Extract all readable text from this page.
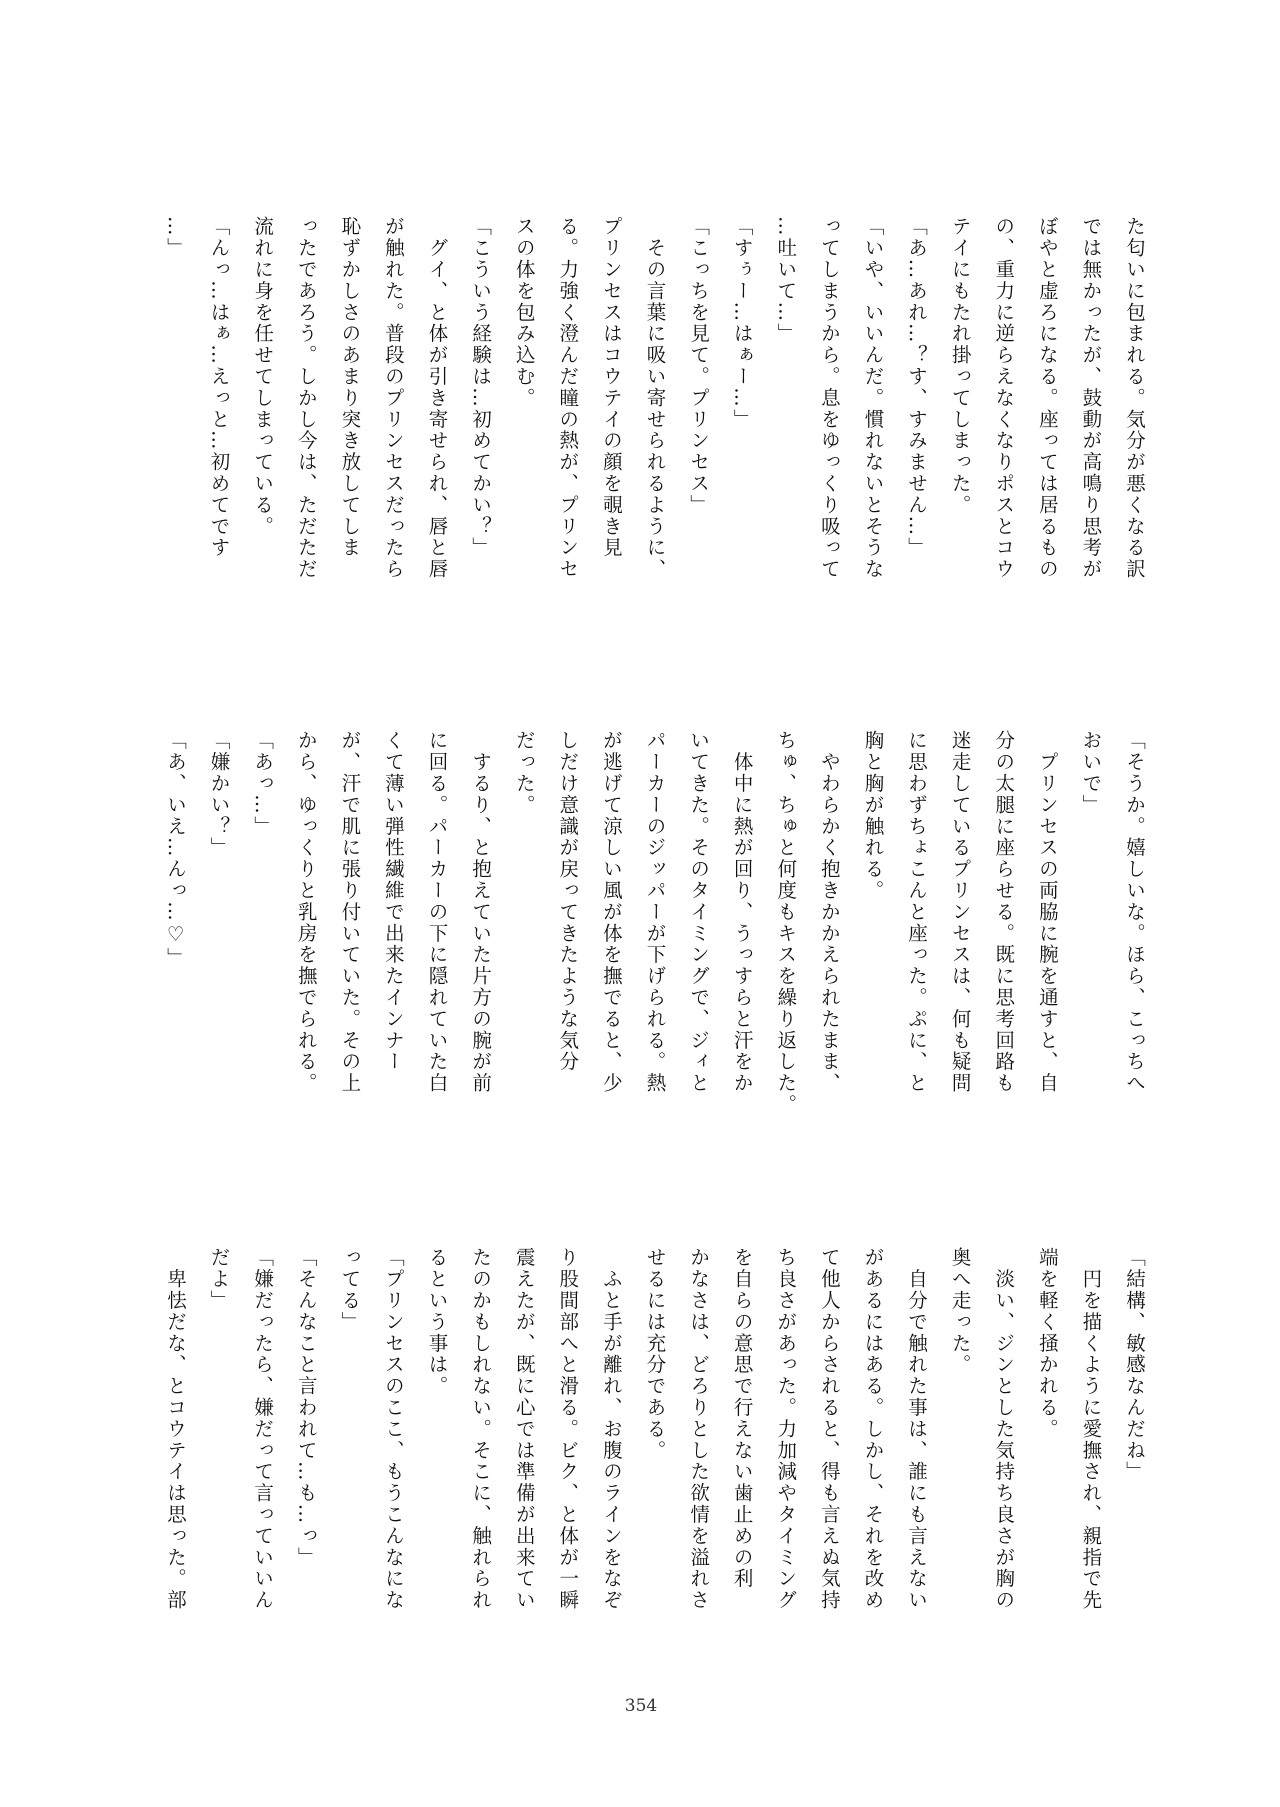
た匂いに包まれる。気分が悪くなる訳

では無かったが、鼓動が高鳴り思考が

ぼやと虚ろになる。座っては居るもの

の、重力に逆らえなくなりポスとコウ

テイにもたれ掛ってしまった。

「あ…あれ…？す、すみません…」

「いや、いいんだ。慣れないとそうな

ってしまうから。息をゆっくり吸って

…吐いて…」

「すぅー…はぁー…」

「こっちを見て。プリンセス」

　その言葉に吸い寄せられるように、

プリンセスはコウテイの顔を覗き見

る。力強く澄んだ瞳の熱が、プリンセ

スの体を包み込む。

「こういう経験は…初めてかい？」

　グイ、と体が引き寄せられ、唇と唇

が触れた。普段のプリンセスだったら

恥ずかしさのあまり突き放してしま

ったであろう。しかし今は、ただただ

流れに身を任せてしまっている。

「んっ…はぁ…えっと…初めてです

…」

「そうか。嬉しいな。ほら、こっちへ

おいで」

　プリンセスの両脇に腕を通すと、自

分の太腿に座らせる。既に思考回路も

迷走しているプリンセスは、何も疑問

に思わずちょこんと座った。ぷに、と

胸と胸が触れる。

　やわらかく抱きかかえられたまま、

ちゅ、ちゅと何度もキスを繰り返した。

　体中に熱が回り、うっすらと汗をか

いてきた。そのタイミングで、ジィと

パーカーのジッパーが下げられる。熱

が逃げて涼しい風が体を撫でると、少

しだけ意識が戻ってきたような気分

だった。

　するり、と抱えていた片方の腕が前

に回る。パーカーの下に隠れていた白

くて薄い弾性繊維で出来たインナー

が、汗で肌に張り付いていた。その上

から、ゆっくりと乳房を撫でられる。

「あっ…」

「嫌かい？」

「あ、いえ…んっ…♡」

「結構、敏感なんだね」

　円を描くように愛撫され、親指で先

端を軽く掻かれる。

　淡い、ジンとした気持ち良さが胸の

奥へ走った。

　自分で触れた事は、誰にも言えない

があるにはある。しかし、それを改め

て他人からされると、得も言えぬ気持

ち良さがあった。力加減やタイミング

を自らの意思で行えない歯止めの利

かなさは、どろりとした欲情を溢れさ

せるには充分である。

　ふと手が離れ、お腹のラインをなぞ

り股間部へと滑る。ビク、と体が一瞬

震えたが、既に心では準備が出来てい

たのかもしれない。そこに、触れられ

るという事は。

「プリンセスのここ、もうこんなにな

ってる」

「そんなこと言われて…も…っ」

「嫌だったら、嫌だって言っていいん

だよ」

　卑怯だな、とコウテイは思った。部

354
